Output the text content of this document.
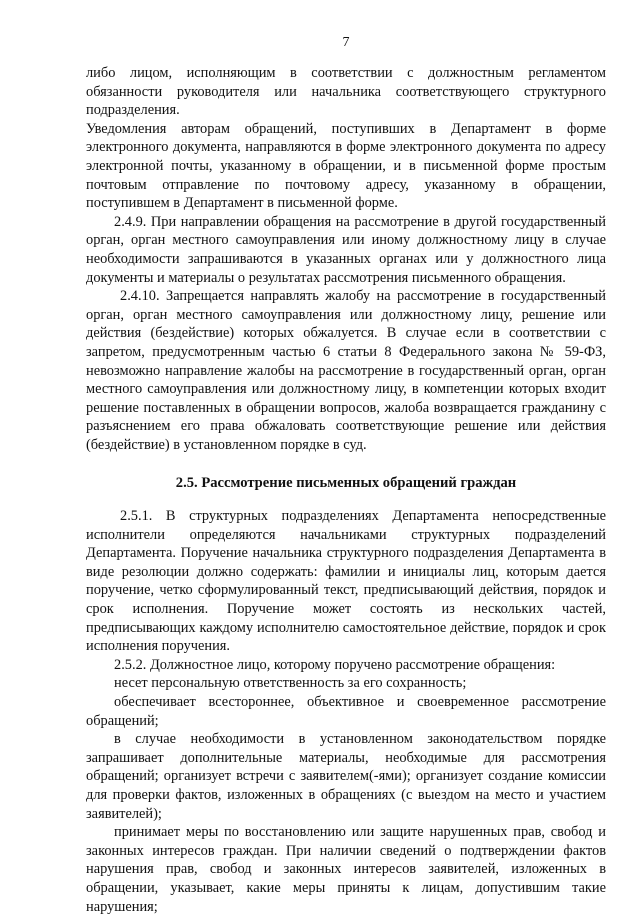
7

либо лицом, исполняющим в соответствии с должностным регламентом обязанности руководителя или начальника соответствующего структурного подразделения.

Уведомления авторам обращений, поступивших в Департамент в форме электронного документа, направляются в форме электронного документа по адресу электронной почты, указанному в обращении, и в письменной форме простым почтовым отправление по почтовому адресу, указанному в обращении, поступившем в Департамент в письменной форме.

2.4.9. При направлении обращения на рассмотрение в другой государственный орган, орган местного самоуправления или иному должностному лицу в случае необходимости запрашиваются в указанных органах или у должностного лица документы и материалы о результатах рассмотрения письменного обращения.

2.4.10. Запрещается направлять жалобу на рассмотрение в государственный орган, орган местного самоуправления или должностному лицу, решение или действия (бездействие) которых обжалуется. В случае если в соответствии с запретом, предусмотренным частью 6 статьи 8 Федерального закона № 59-ФЗ, невозможно направление жалобы на рассмотрение в государственный орган, орган местного самоуправления или должностному лицу, в компетенции которых входит решение поставленных в обращении вопросов, жалоба возвращается гражданину с разъяснением его права обжаловать соответствующие решение или действия (бездействие) в установленном порядке в суд.

2.5. Рассмотрение письменных обращений граждан

2.5.1. В структурных подразделениях Департамента непосредственные исполнители определяются начальниками структурных подразделений Департамента. Поручение начальника структурного подразделения Департамента в виде резолюции должно содержать: фамилии и инициалы лиц, которым дается поручение, четко сформулированный текст, предписывающий действия, порядок и срок исполнения. Поручение может состоять из нескольких частей, предписывающих каждому исполнителю самостоятельное действие, порядок и срок исполнения поручения.

2.5.2. Должностное лицо, которому поручено рассмотрение обращения:

несет персональную ответственность за его сохранность;

обеспечивает всестороннее, объективное и своевременное рассмотрение обращений;

в случае необходимости в установленном законодательством порядке запрашивает дополнительные материалы, необходимые для рассмотрения обращений; организует встречи с заявителем(-ями); организует создание комиссии для проверки фактов, изложенных в обращениях (с выездом на место и участием заявителей);

принимает меры по восстановлению или защите нарушенных прав, свобод и законных интересов граждан. При наличии сведений о подтверждении фактов нарушения прав, свобод и законных интересов заявителей, изложенных в обращении, указывает, какие меры приняты к лицам, допустившим такие нарушения;
